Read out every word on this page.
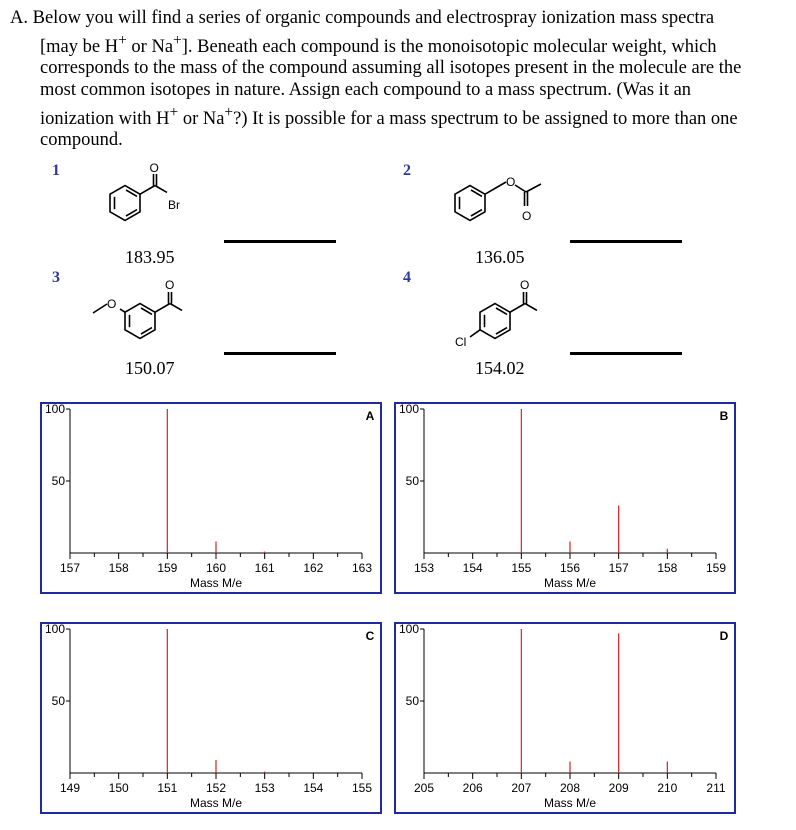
A. Below you will find a series of organic compounds and electrospray ionization mass spectra
[may be H+ or Na+]. Beneath each compound is the monoisotopic molecular weight, which
corresponds to the mass of the compound assuming all isotopes present in the molecule are the
most common isotopes in nature. Assign each compound to a mass spectrum. (Was it an
ionization with H+ or Na+?) It is possible for a mass spectrum to be assigned to more than one
compound.
1	O
Br
183.95
2
O
O
136.05
3
O
O
150.07
4	O
Cl
154.02
100
50
157 158 159 160 161 162 163
Mass M/e
A 100
50
153 154 155 156 157 158 159
Mass M/e
B
100
50
149 150 151 152 153 154 155
Mass M/e
C 100
50
205 206 207 208 209 210 211
Mass M/e
D
